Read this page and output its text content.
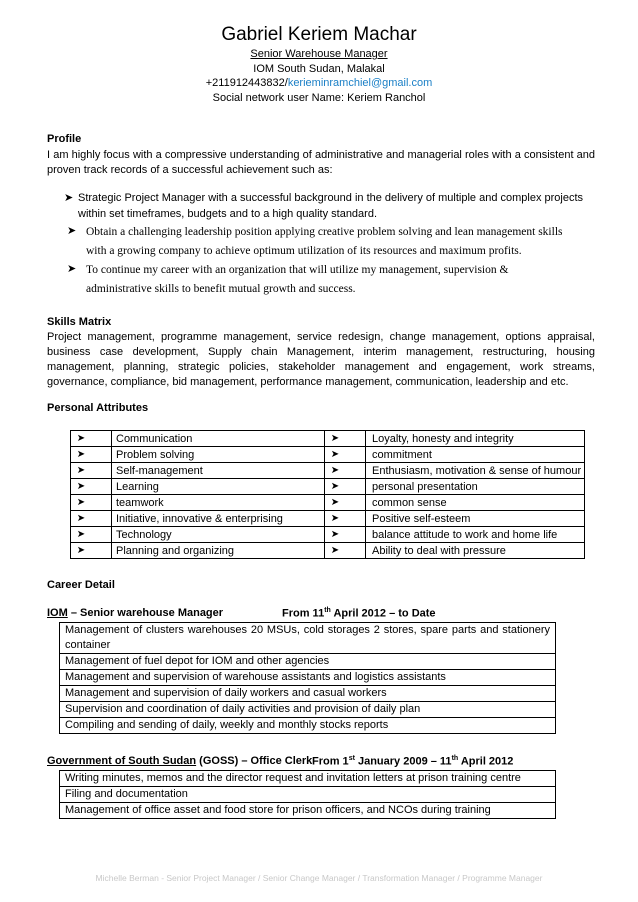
Gabriel Keriem Machar
Senior Warehouse Manager
IOM South Sudan, Malakal
+211912443832/kerieminramchiel@gmail.com
Social network user Name: Keriem Ranchol
Profile
I am highly focus with a compressive understanding of administrative and managerial roles with a consistent and proven track records of a successful achievement such as:
➤ Strategic Project Manager with a successful background in the delivery of multiple and complex projects within set timeframes, budgets and to a high quality standard.
➤ Obtain a challenging leadership position applying creative problem solving and lean management skills with a growing company to achieve optimum utilization of its resources and maximum profits.
➤ To continue my career with an organization that will utilize my management, supervision & administrative skills to benefit mutual growth and success.
Skills Matrix
Project management, programme management, service redesign, change management, options appraisal, business case development, Supply chain Management, interim management, restructuring, housing management, planning, strategic policies, stakeholder management and engagement, work streams, governance, compliance, bid management, performance management, communication, leadership and etc.
Personal Attributes
➤	Communication	➤	Loyalty, honesty and integrity
➤	Problem solving	➤	commitment
➤	Self-management	➤	Enthusiasm, motivation & sense of humour
➤	Learning	➤	personal presentation
➤	teamwork	➤	common sense
➤	Initiative, innovative & enterprising	➤	Positive self-esteem
➤	Technology	➤	balance attitude to work and home life
➤	Planning and organizing	➤	Ability to deal with pressure
Career Detail
IOM – Senior warehouse Manager	From 11th April 2012 – to Date
Management of clusters warehouses 20 MSUs, cold storages 2 stores, spare parts and stationery container
Management of fuel depot for IOM and other agencies
Management and supervision of warehouse assistants and logistics assistants
Management and supervision of daily workers and casual workers
Supervision and coordination of daily activities and provision of daily plan
Compiling and sending of daily, weekly and monthly stocks reports
Government of South Sudan (GOSS) – Office Clerk From 1st January 2009 – 11th April 2012
Writing minutes, memos and the director request and invitation letters at prison training centre
Filing and documentation
Management of office asset and food store for prison officers, and NCOs during training
Michelle Berman - Senior Project Manager / Senior Change Manager / Transformation Manager / Programme Manager
